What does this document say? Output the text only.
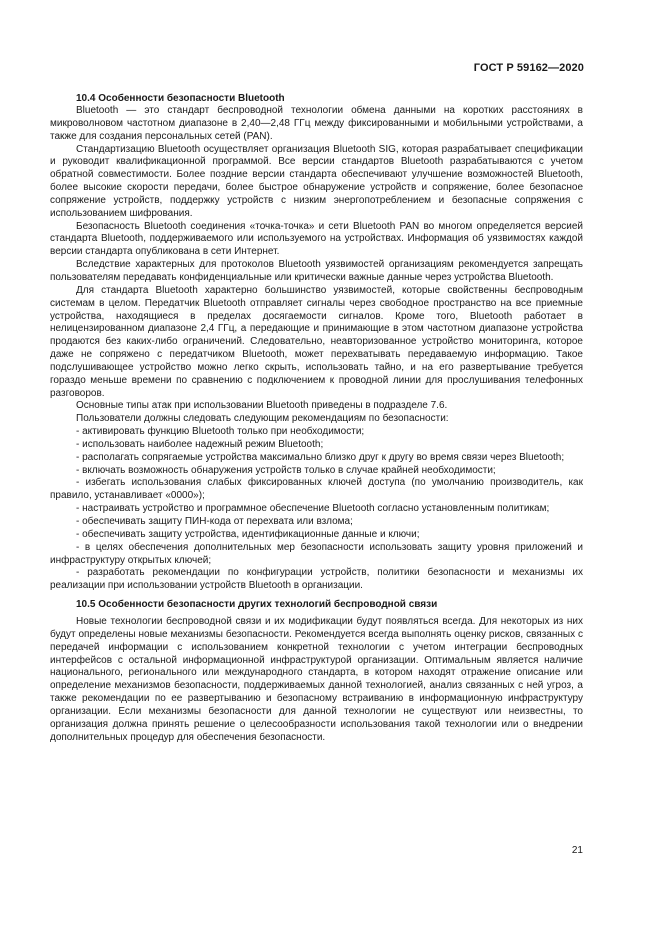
ГОСТ Р 59162—2020
10.4 Особенности безопасности Bluetooth

Bluetooth — это стандарт беспроводной технологии обмена данными на коротких расстояниях в микроволновом частотном диапазоне в 2,40—2,48 ГГц между фиксированными и мобильными устройствами, а также для создания персональных сетей (PAN).

Стандартизацию Bluetooth осуществляет организация Bluetooth SIG, которая разрабатывает спецификации и руководит квалификационной программой. Все версии стандартов Bluetooth разрабатываются с учетом обратной совместимости. Более поздние версии стандарта обеспечивают улучшение возможностей Bluetooth, более высокие скорости передачи, более быстрое обнаружение устройств и сопряжение, более безопасное сопряжение устройств, поддержку устройств с низким энергопотреблением и безопасные сопряжения с использованием шифрования.

Безопасность Bluetooth соединения «точка-точка» и сети Bluetooth PAN во многом определяется версией стандарта Bluetooth, поддерживаемого или используемого на устройствах. Информация об уязвимостях каждой версии стандарта опубликована в сети Интернет.

Вследствие характерных для протоколов Bluetooth уязвимостей организациям рекомендуется запрещать пользователям передавать конфиденциальные или критически важные данные через устройства Bluetooth.

Для стандарта Bluetooth характерно большинство уязвимостей, которые свойственны беспроводным системам в целом. Передатчик Bluetooth отправляет сигналы через свободное пространство на все приемные устройства, находящиеся в пределах досягаемости сигналов. Кроме того, Bluetooth работает в нелицензированном диапазоне 2,4 ГГц, а передающие и принимающие в этом частотном диапазоне устройства продаются без каких-либо ограничений. Следовательно, неавторизованное устройство мониторинга, которое даже не сопряжено с передатчиком Bluetooth, может перехватывать передаваемую информацию. Такое подслушивающее устройство можно легко скрыть, использовать тайно, и на его развертывание требуется гораздо меньше времени по сравнению с подключением к проводной линии для прослушивания телефонных разговоров.

Основные типы атак при использовании Bluetooth приведены в подразделе 7.6.

Пользователи должны следовать следующим рекомендациям по безопасности:

- активировать функцию Bluetooth только при необходимости;

- использовать наиболее надежный режим Bluetooth;

- располагать сопрягаемые устройства максимально близко друг к другу во время связи через Bluetooth;

- включать возможность обнаружения устройств только в случае крайней необходимости;

- избегать использования слабых фиксированных ключей доступа (по умолчанию производитель, как правило, устанавливает «0000»);

- настраивать устройство и программное обеспечение Bluetooth согласно установленным политикам;

- обеспечивать защиту ПИН-кода от перехвата или взлома;

- обеспечивать защиту устройства, идентификационные данные и ключи;

- в целях обеспечения дополнительных мер безопасности использовать защиту уровня приложений и инфраструктуру открытых ключей;

- разработать рекомендации по конфигурации устройств, политики безопасности и механизмы их реализации при использовании устройств Bluetooth в организации.

10.5 Особенности безопасности других технологий беспроводной связи

Новые технологии беспроводной связи и их модификации будут появляться всегда. Для некоторых из них будут определены новые механизмы безопасности. Рекомендуется всегда выполнять оценку рисков, связанных с передачей информации с использованием конкретной технологии с учетом интеграции беспроводных интерфейсов с остальной информационной инфраструктурой организации. Оптимальным является наличие национального, регионального или международного стандарта, в котором находят отражение описание или определение механизмов безопасности, поддерживаемых данной технологией, анализ связанных с ней угроз, а также рекомендации по ее развертыванию и безопасному встраиванию в информационную инфраструктуру организации. Если механизмы безопасности для данной технологии не существуют или неизвестны, то организация должна принять решение о целесообразности использования такой технологии или о внедрении дополнительных процедур для обеспечения безопасности.

21
